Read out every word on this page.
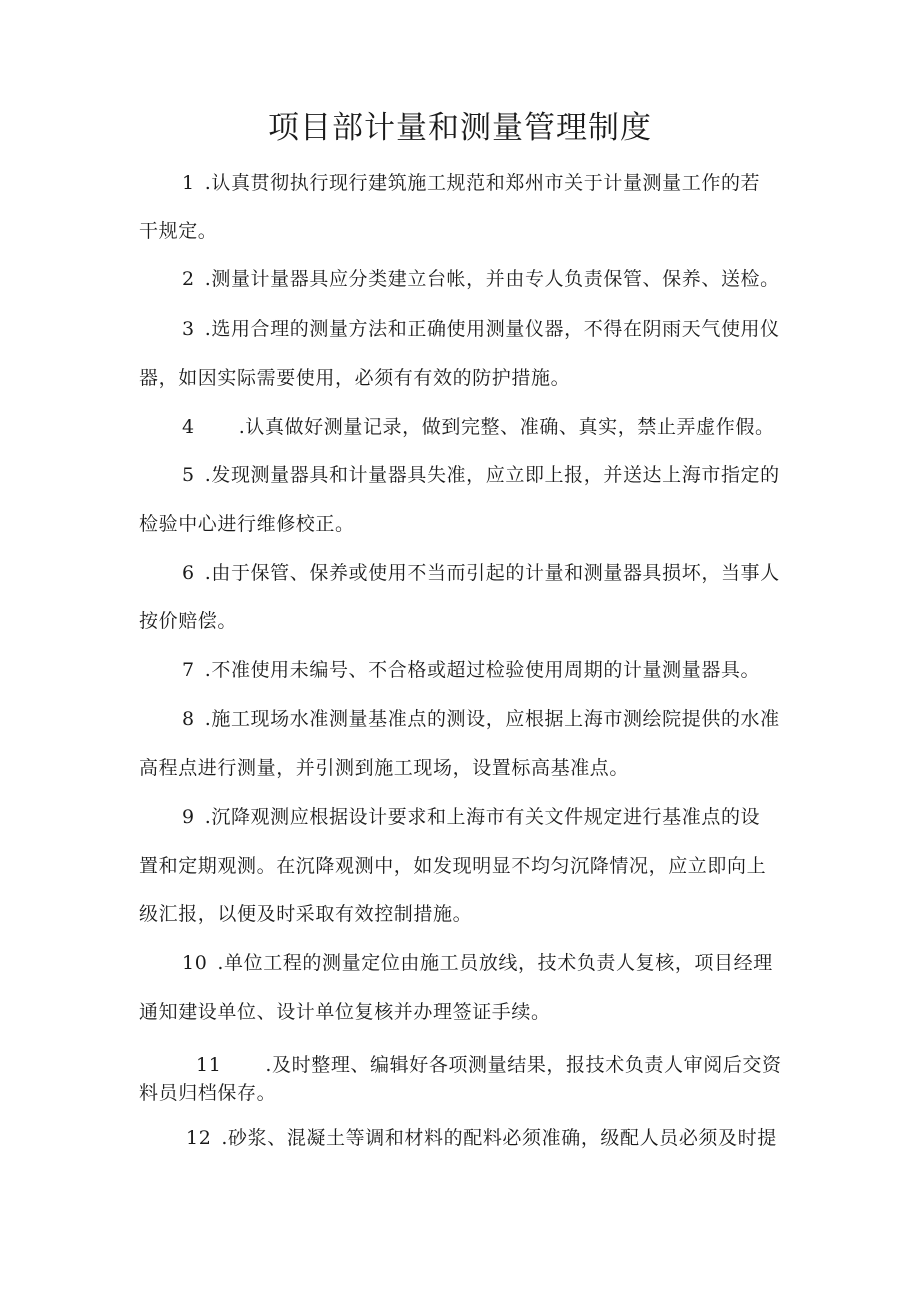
项目部计量和测量管理制度
1 .认真贯彻执行现行建筑施工规范和郑州市关于计量测量工作的若
干规定。
2 .测量计量器具应分类建立台帐，并由专人负责保管、保养、送检。
3 .选用合理的测量方法和正确使用测量仪器，不得在阴雨天气使用仪
器，如因实际需要使用，必须有有效的防护措施。
4 .认真做好测量记录，做到完整、准确、真实，禁止弄虚作假。
5 .发现测量器具和计量器具失准，应立即上报，并送达上海市指定的
检验中心进行维修校正。
6 .由于保管、保养或使用不当而引起的计量和测量器具损坏，当事人
按价赔偿。
7 .不准使用未编号、不合格或超过检验使用周期的计量测量器具。
8 .施工现场水准测量基准点的测设，应根据上海市测绘院提供的水准
高程点进行测量，并引测到施工现场，设置标高基准点。
9 .沉降观测应根据设计要求和上海市有关文件规定进行基准点的设
置和定期观测。在沉降观测中，如发现明显不均匀沉降情况，应立即向上
级汇报，以便及时采取有效控制措施。
10 .单位工程的测量定位由施工员放线，技术负责人复核，项目经理
通知建设单位、设计单位复核并办理签证手续。
11 .及时整理、编辑好各项测量结果，报技术负责人审阅后交资
料员归档保存。
12 .砂浆、混凝土等调和材料的配料必须准确，级配人员必须及时提
